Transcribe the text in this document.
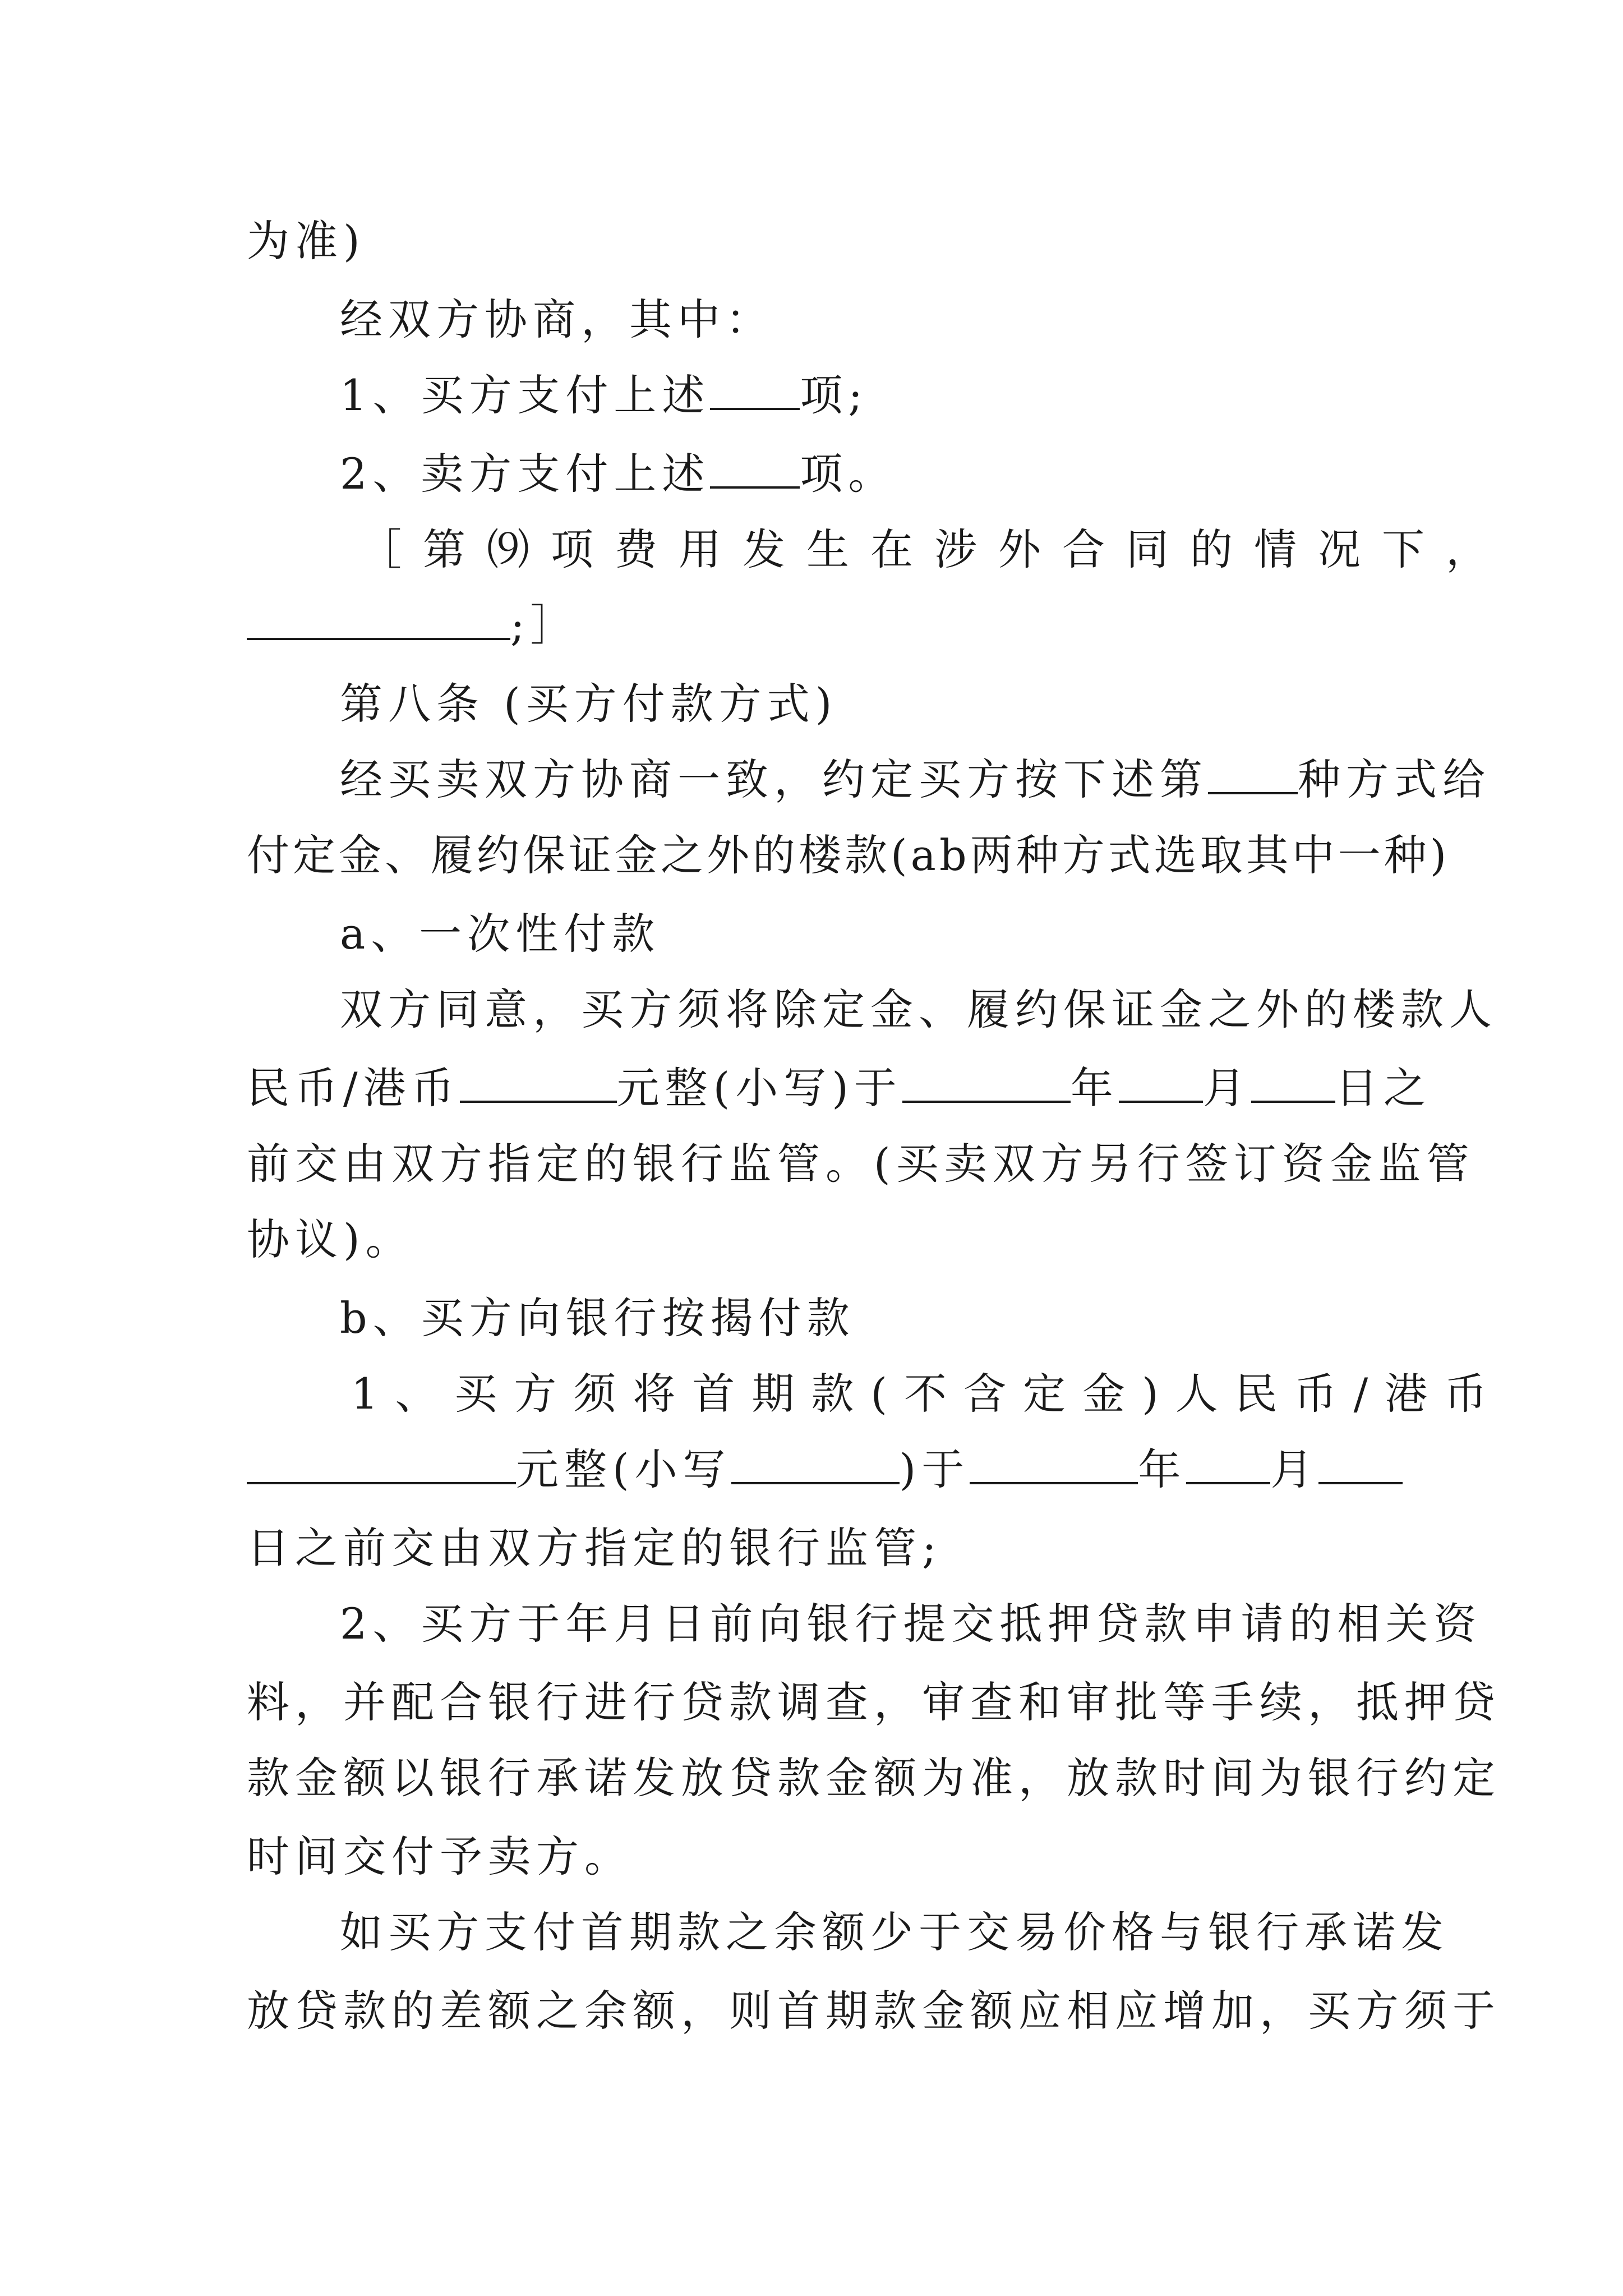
为准)
经双方协商，其中：
1、买方支付上述 项;
2、卖方支付上述 项。
［第⑼项费用发生在涉外合同的情况下，
;］
第八条 (买方付款方式)
经买卖双方协商一致，约定买方按下述第 种方式给
付定金、履约保证金之外的楼款(ab两种方式选取其中一种)
a、一次性付款
双方同意，买方须将除定金、履约保证金之外的楼款人
民币/港币	元整(小写)于	年 月 日之
前交由双方指定的银行监管。(买卖双方另行签订资金监管
协议)。
b、买方向银行按揭付款
1、买方须将首期款(不含定金)人民币/港币
元整(小写	)于	年 月
日之前交由双方指定的银行监管;
2、买方于年月日前向银行提交抵押贷款申请的相关资
料，并配合银行进行贷款调查，审查和审批等手续，抵押贷
款金额以银行承诺发放贷款金额为准，放款时间为银行约定
时间交付予卖方。
如买方支付首期款之余额少于交易价格与银行承诺发
放贷款的差额之余额，则首期款金额应相应增加，买方须于
